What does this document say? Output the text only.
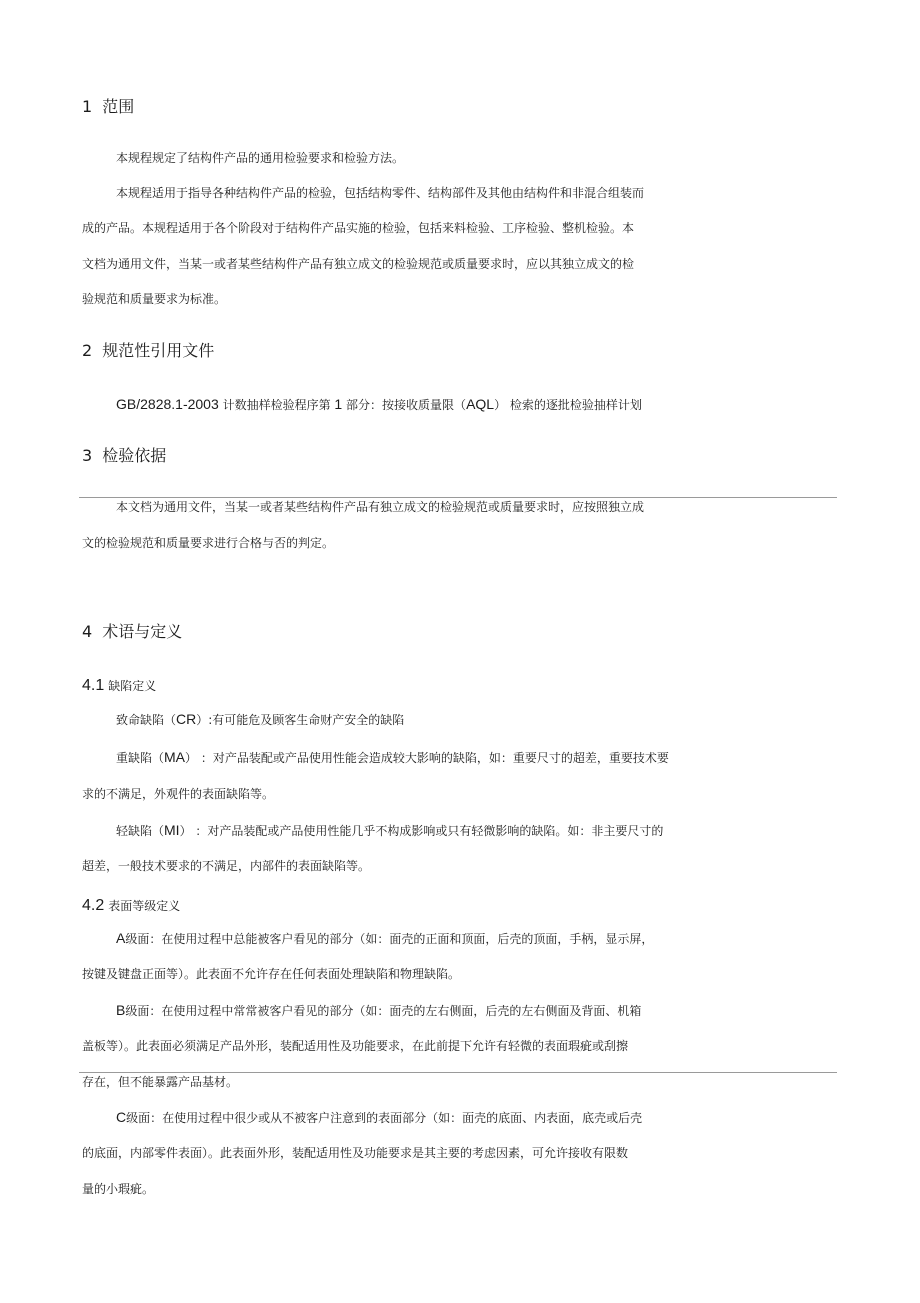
1 范围
本规程规定了结构件产品的通用检验要求和检验方法。
本规程适用于指导各种结构件产品的检验，包括结构零件、结构部件及其他由结构件和非混合组装而
成的产品。本规程适用于各个阶段对于结构件产品实施的检验，包括来料检验、工序检验、整机检验。本
文档为通用文件，当某一或者某些结构件产品有独立成文的检验规范或质量要求时，应以其独立成文的检
验规范和质量要求为标准。
2 规范性引用文件
GB/2828.1-2003 计数抽样检验程序第 1 部分：按接收质量限（AQL） 检索的逐批检验抽样计划
3 检验依据
本文档为通用文件，当某一或者某些结构件产品有独立成文的检验规范或质量要求时，应按照独立成
文的检验规范和质量要求进行合格与否的判定。
4 术语与定义
4.1 缺陷定义
致命缺陷（CR）:有可能危及顾客生命财产安全的缺陷
重缺陷（MA） ：对产品装配或产品使用性能会造成较大影响的缺陷，如：重要尺寸的超差，重要技术要
求的不满足，外观件的表面缺陷等。
轻缺陷（MI） ：对产品装配或产品使用性能几乎不构成影响或只有轻微影响的缺陷。如：非主要尺寸的
超差，一般技术要求的不满足，内部件的表面缺陷等。
4.2 表面等级定义
A级面：在使用过程中总能被客户看见的部分（如：面壳的正面和顶面，后壳的顶面，手柄，显示屏，
按键及键盘正面等）。此表面不允许存在任何表面处理缺陷和物理缺陷。
B级面：在使用过程中常常被客户看见的部分（如：面壳的左右侧面，后壳的左右侧面及背面、机箱
盖板等）。此表面必须满足产品外形，装配适用性及功能要求，在此前提下允许有轻微的表面瑕疵或刮擦
存在，但不能暴露产品基材。
C级面：在使用过程中很少或从不被客户注意到的表面部分（如：面壳的底面、内表面，底壳或后壳
的底面，内部零件表面）。此表面外形，装配适用性及功能要求是其主要的考虑因素，可允许接收有限数
量的小瑕疵。
